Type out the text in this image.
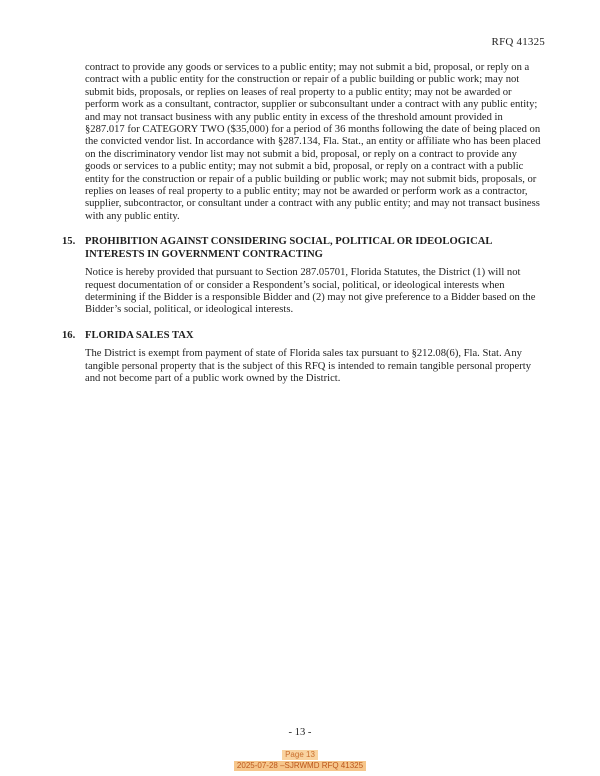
RFQ 41325

contract to provide any goods or services to a public entity; may not submit a bid, proposal, or reply on a contract with a public entity for the construction or repair of a public building or public work; may not submit bids, proposals, or replies on leases of real property to a public entity; may not be awarded or perform work as a consultant, contractor, supplier or subconsultant under a contract with any public entity; and may not transact business with any public entity in excess of the threshold amount provided in §287.017 for CATEGORY TWO ($35,000) for a period of 36 months following the date of being placed on the convicted vendor list. In accordance with §287.134, Fla. Stat., an entity or affiliate who has been placed on the discriminatory vendor list may not submit a bid, proposal, or reply on a contract to provide any goods or services to a public entity; may not submit a bid, proposal, or reply on a contract with a public entity for the construction or repair of a public building or public work; may not submit bids, proposals, or replies on leases of real property to a public entity; may not be awarded or perform work as a contractor, supplier, subcontractor, or consultant under a contract with any public entity; and may not transact business with any public entity.

15. PROHIBITION AGAINST CONSIDERING SOCIAL, POLITICAL OR IDEOLOGICAL INTERESTS IN GOVERNMENT CONTRACTING

Notice is hereby provided that pursuant to Section 287.05701, Florida Statutes, the District (1) will not request documentation of or consider a Respondent’s social, political, or ideological interests when determining if the Bidder is a responsible Bidder and (2) may not give preference to a Bidder based on the Bidder’s social, political, or ideological interests.

16. FLORIDA SALES TAX

The District is exempt from payment of state of Florida sales tax pursuant to §212.08(6), Fla. Stat. Any tangible personal property that is the subject of this RFQ is intended to remain tangible personal property and not become part of a public work owned by the District.

- 13 -
Page 13
2025-07-28 –SJRWMD RFQ 41325
